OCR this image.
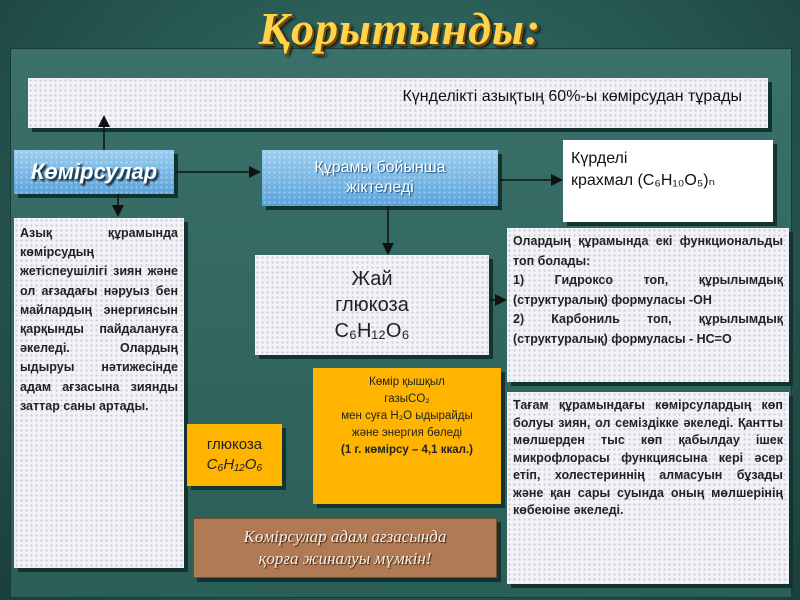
Қорытынды:
Күнделікті азықтың 60%-ы көмірсудан тұрады
Көмірсулар	Құрамы бойынша
жіктеледі
Күрделі
крахмал (C₆H₁₀O₅)ₙ
Азық құрамында көмірсудың жетіспеушілігі зиян және ол ағзадағы нәруыз бен майлардың энергиясын қарқынды пайдалануға әкеледі. Олардың ыдыруы нәтижесінде адам ағзасына зиянды заттар саны артады.
Жай
глюкоза
C₆H₁₂O₆
Олардың құрамында екі функциональды топ болады:
1) Гидроксо топ, құрылымдық (структуралық) формуласы -ОН
2) Карбониль топ, құрылымдық (структуралық) формуласы - НС=О
Көмір қышқыл
газыCO₂
мен суға H₂O ыдырайды
және энергия бөледі
(1 г. көмірсу – 4,1 ккал.)
глюкоза
C₆H₁₂O₆
Тағам құрамындағы көмірсулардың көп болуы зиян, ол семіздікке әкеледі. Қантты мөлшерден тыс көп қабылдау ішек микрофлорасы функциясына кері әсер етіп, холестериннің алмасуын бұзады және қан сары суында оның мөлшерінің көбеюіне әкеледі.
Көмірсулар адам ағзасында
қорға жиналуы мүмкін!
